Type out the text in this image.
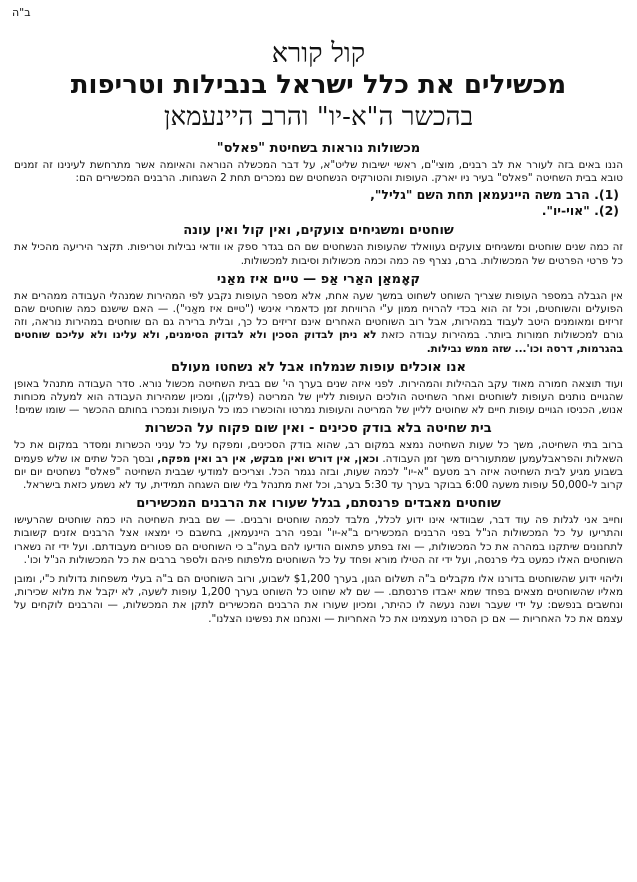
ב"ה
קול קורא
מכשילים את כלל ישראל בנבילות וטריפות
בהכשר ה"א-יו" והרב היינעמאן
מכשולות נוראות בשחיטת "פאלס"

הננו באים בזה לעורר את לב רבנים, מוצי"ם, ראשי ישיבות שליט"א, על דבר המכשלה הנוראה והאיומה אשר מתרחשת לעינינו זה זמנים טובא בבית השחיטה "פאלס" בעיר ניו יארק. העופות והטורקיס הנשחטים שם נמכרים תחת 2 השגחות. הרבנים המכשירים הם:

(1). הרב משה היינעמאן תחת השם "גליל",
(2). "אוי-יו".
שוחטים ומשגיחים צועקים, ואין קול ואין עונה

זה כמה שנים שוחטים ומשגיחים צועקים געוואלד שהעופות הנשחטים שם הם בגדר ספק או וודאי נבילות וטריפות. תקצר היריעה מהכיל את כל פרטי הפרטים של המכשולות. ברם, נצרף פה כמה וכמה מכשולות וסיבות למכשולות.

קאָמאַן האַרי אַפ — טיים איז מאַני

אין הגבלה במספר העופות שצריך השוחט לשחוט במשך שעה אחת, אלא מספר העופות נקבע לפי המהירות שמנהלי העבודה ממהרים את הפועלים והשוחטים, וכל זה הוא בכדי להרויח ממון ע"י הרוויחת זמן כדאמרי אינשי ("טיים איז מאַני"). — האם שישנם כמה שוחטים שהם זריזים ומאומנים היטב לעבוד במהירות, אבל רוב השוחטים האחרים אינם זריזים כל כך, ובלית ברירה גם הם שוחטים במהירות נוראה, וזה גורם למכשולות חמורות ביותר. במהירות עבודה כזאת לא ניתן לבדוק הסכין ולא לבדוק הסימנים, ולא עלינו ולא עליכם שוחטים בהגרמות, דרסה וכו'... שזה ממש נבילות.

אנו אוכלים עופות שנמלחו אבל לא נשחטו מעולם

ועוד תוצאה חמורה מאוד עקב הבהילות והמהירות. לפני איזה שנים בערך הי' שם בבית השחיטה מכשול נורא. סדר העבודה מתנהל באופן שהגויים נותנים העופות לשוחטים ואחר השחיטה הולכים העופות לליין של המריטה (פליקן), ומכיון שמהירות העבודה הוא למעלה מכוחות אנוש, הכניסו הגויים עופות חיים לא שחוטים לליין של המריטה והעופות נמרטו והוכשרו כמו כל העופות ונמכרו בחותם ההכשר — שומו שמים!

בית שחיטה בלא בודק סכינים - ואין שום פקוח על הכשרות

ברוב בתי השחיטה, משך כל שעות השחיטה נמצא במקום רב, שהוא בודק הסכינים, ומפקח על כל עניני הכשרות ומסדר במקום את כל השאלות והפראבלעמען שמתעוררים משך זמן העבודה. וכאן, אין דורש ואין מבקש, אין רב ואין מפקח, ובסך הכל שתים או שלש פעמים בשבוע מגיע לבית השחיטה איזה רב מטעם "א-יו" לכמה שעות, ובזה נגמר הכל. וצריכים למודעי שבבית השחיטה "פאלס" נשחטים יום יום קרוב ל-50,000 עופות משעה 6:00 בבוקר בערך עד 5:30 בערב, וכל זאת מתנהל בלי שום השגחה תמידית, עד לא נשמע כזאת בישראל.

שוחטים מאבדים פרנסתם, בגלל שעורו את הרבנים המכשירים

וחייב אני לגלות פה עוד דבר, שבוודאי אינו ידוע לכלל, מלבד לכמה שוחטים ורבנים. — שם בבית השחיטה היו כמה שוחטים שהרעישו והתריעו על כל המכשולות הנ"ל בפני הרבנים המכשירים ב"א-יו" ובפני הרב היינעמאן, בחשבם כי ימצאו אצל הרבנים אזנים קשובות לתחנונים שיתקנו במהרה את כל המכשולות, — ואז בפתע פתאום הודיעו להם בעה"ב כי השוחטים הם פטורים מעבודתם. ועל ידי זה נשארו השוחטים האלו כמעט בלי פרנסה, ועל ידי זה הטילו מורא ופחד על כל השוחטים מלפתוח פיהם ולספר ברבים את כל המכשולות הנ"ל וכו'.

וליהוי ידוע שהשוחטים בדורנו אלו מקבלים ב"ה תשלום הגון, בערך $1,200 לשבוע, ורוב השוחטים הם ב"ה בעלי משפחות גדולות כ"י, ומובן מאליו שהשוחטים מצאים בפחד שמא יאבדו פרנסתם. — שם לא שחוט כל השוחט בערך 1,200 עופות לשעה, לא יקבל את מלוא שכירות, ונחשבים בנפשם: על ידי שעבר ושנה נעשה לו כהיתר, ומכיון שעורו את הרבנים המכשירים לתקן את המכשלות, — והרבנים לוקחים על עצמם את כל האחריות — אם כן הסרנו מעצמינו את כל האחריות — ואנחנו את נפשינו הצלנו".
